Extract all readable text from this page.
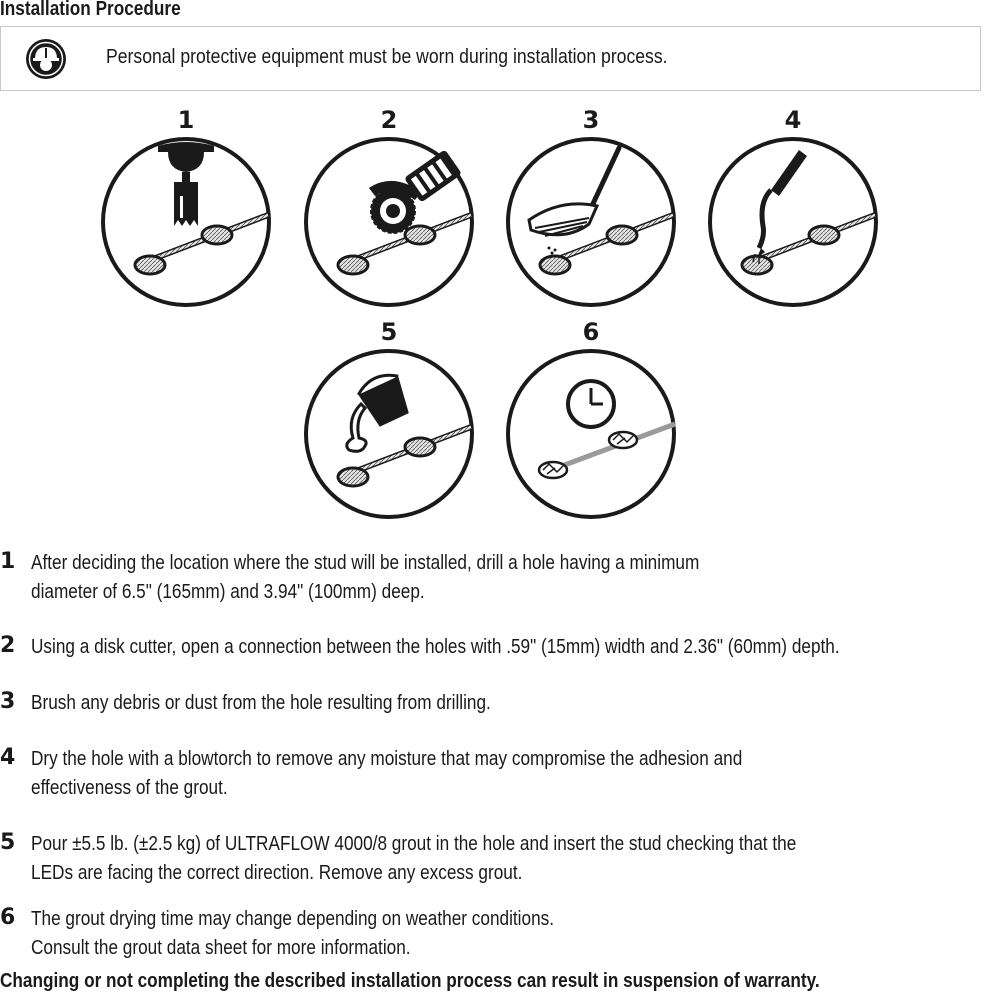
Installation Procedure
Personal protective equipment must be worn during installation process.
1	2	3	4
5	6
1 After deciding the location where the stud will be installed, drill a hole having a minimum
diameter of 6.5" (165mm) and 3.94" (100mm) deep.
2 Using a disk cutter, open a connection between the holes with .59" (15mm) width and 2.36" (60mm) depth.
3 Brush any debris or dust from the hole resulting from drilling.
4 Dry the hole with a blowtorch to remove any moisture that may compromise the adhesion and
effectiveness of the grout.
5 Pour ±5.5 lb. (±2.5 kg) of ULTRAFLOW 4000/8 grout in the hole and insert the stud checking that the
LEDs are facing the correct direction. Remove any excess grout.
6 The grout drying time may change depending on weather conditions.
Consult the grout data sheet for more information.
Changing or not completing the described installation process can result in suspension of warranty.
